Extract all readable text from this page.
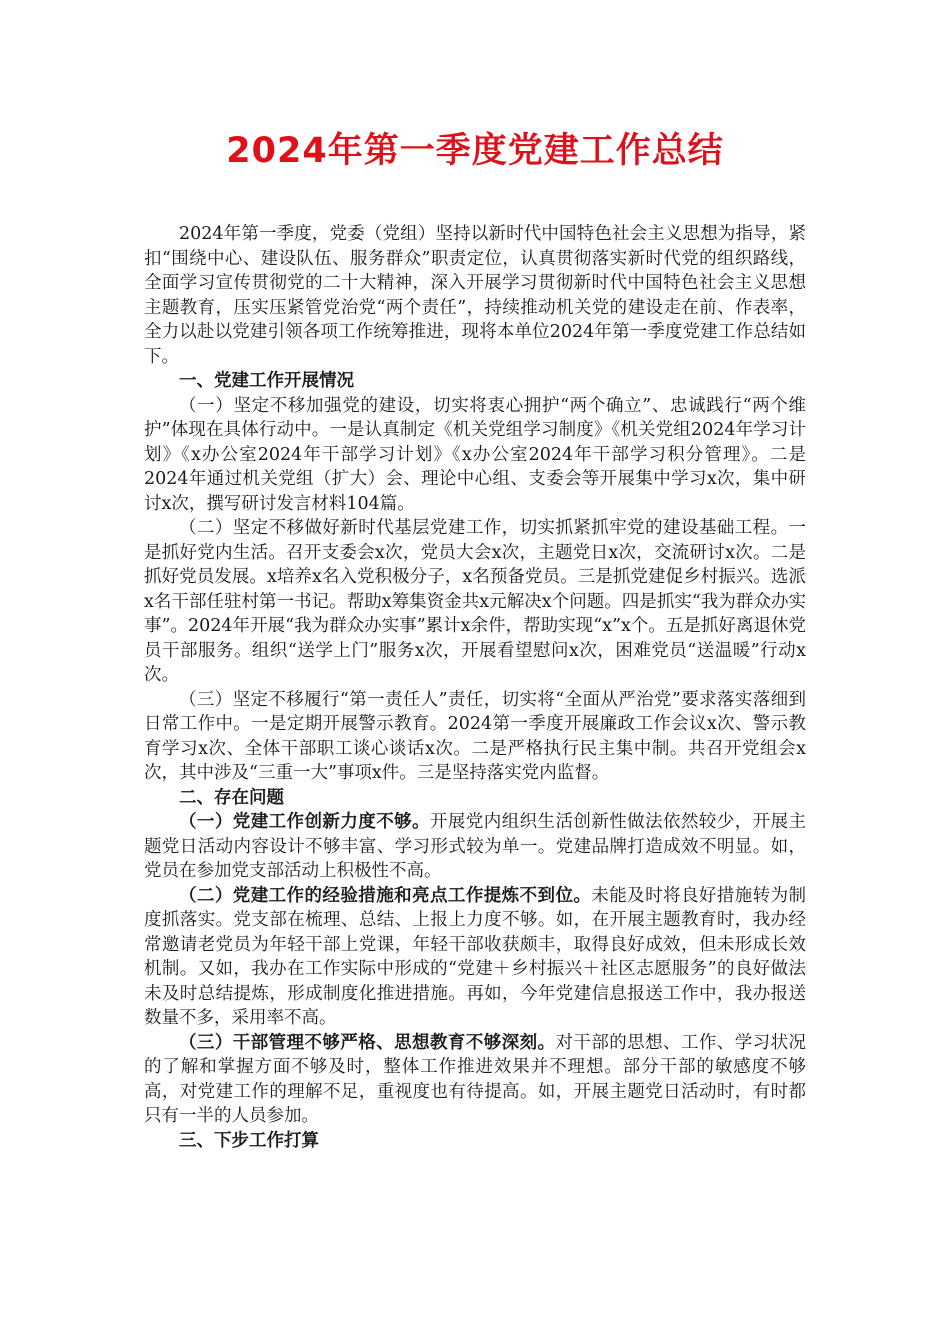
2024年第一季度党建工作总结

2024年第一季度，党委（党组）坚持以新时代中国特色社会主义思想为指导，紧扣“围绕中心、建设队伍、服务群众”职责定位，认真贯彻落实新时代党的组织路线，全面学习宣传贯彻党的二十大精神，深入开展学习贯彻新时代中国特色社会主义思想主题教育，压实压紧管党治党“两个责任”，持续推动机关党的建设走在前、作表率，全力以赴以党建引领各项工作统筹推进，现将本单位2024年第一季度党建工作总结如下。

一、党建工作开展情况

（一）坚定不移加强党的建设，切实将衷心拥护“两个确立”、忠诚践行“两个维护”体现在具体行动中。一是认真制定《机关党组学习制度》《机关党组2024年学习计划》《x办公室2024年干部学习计划》《x办公室2024年干部学习积分管理》。二是2024年通过机关党组（扩大）会、理论中心组、支委会等开展集中学习x次，集中研讨x次，撰写研讨发言材料104篇。

（二）坚定不移做好新时代基层党建工作，切实抓紧抓牢党的建设基础工程。一是抓好党内生活。召开支委会x次，党员大会x次，主题党日x次，交流研讨x次。二是抓好党员发展。x培养x名入党积极分子，x名预备党员。三是抓党建促乡村振兴。选派x名干部任驻村第一书记。帮助x筹集资金共x元解决x个问题。四是抓实“我为群众办实事”。2024年开展“我为群众办实事”累计x余件，帮助实现“x”x个。五是抓好离退休党员干部服务。组织“送学上门”服务x次，开展看望慰问x次，困难党员“送温暖”行动x次。

（三）坚定不移履行“第一责任人”责任，切实将“全面从严治党”要求落实落细到日常工作中。一是定期开展警示教育。2024第一季度开展廉政工作会议x次、警示教育学习x次、全体干部职工谈心谈话x次。二是严格执行民主集中制。共召开党组会x次，其中涉及“三重一大”事项x件。三是坚持落实党内监督。

二、存在问题

（一）党建工作创新力度不够。开展党内组织生活创新性做法依然较少，开展主题党日活动内容设计不够丰富、学习形式较为单一。党建品牌打造成效不明显。如，党员在参加党支部活动上积极性不高。

（二）党建工作的经验措施和亮点工作提炼不到位。未能及时将良好措施转为制度抓落实。党支部在梳理、总结、上报上力度不够。如，在开展主题教育时，我办经常邀请老党员为年轻干部上党课，年轻干部收获颇丰，取得良好成效，但未形成长效机制。又如，我办在工作实际中形成的“党建＋乡村振兴＋社区志愿服务”的良好做法未及时总结提炼，形成制度化推进措施。再如，今年党建信息报送工作中，我办报送数量不多，采用率不高。

（三）干部管理不够严格、思想教育不够深刻。对干部的思想、工作、学习状况的了解和掌握方面不够及时，整体工作推进效果并不理想。部分干部的敏感度不够高，对党建工作的理解不足，重视度也有待提高。如，开展主题党日活动时，有时都只有一半的人员参加。

三、下步工作打算
